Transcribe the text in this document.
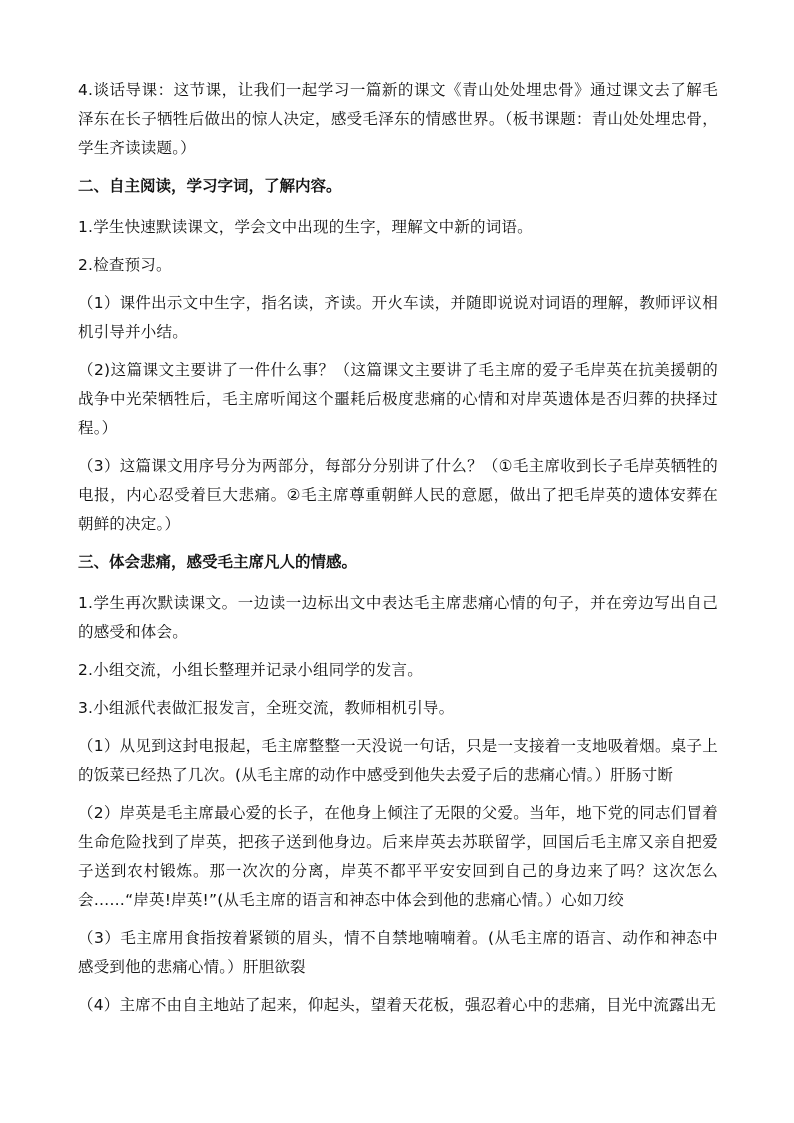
4.谈话导课：这节课，让我们一起学习一篇新的课文《青山处处埋忠骨》通过课文去了解毛泽东在长子牺牲后做出的惊人决定，感受毛泽东的情感世界。（板书课题：青山处处埋忠骨，学生齐读读题。）

二、自主阅读，学习字词，了解内容。

1.学生快速默读课文，学会文中出现的生字，理解文中新的词语。

2.检查预习。

（1）课件出示文中生字，指名读，齐读。开火车读，并随即说说对词语的理解，教师评议相机引导并小结。

（2)这篇课文主要讲了一件什么事？（这篇课文主要讲了毛主席的爱子毛岸英在抗美援朝的战争中光荣牺牲后，毛主席听闻这个噩耗后极度悲痛的心情和对岸英遗体是否归葬的抉择过程。）

（3）这篇课文用序号分为两部分，每部分分别讲了什么？（①毛主席收到长子毛岸英牺牲的电报，内心忍受着巨大悲痛。②毛主席尊重朝鲜人民的意愿，做出了把毛岸英的遗体安葬在朝鲜的决定。）

三、体会悲痛，感受毛主席凡人的情感。

1.学生再次默读课文。一边读一边标出文中表达毛主席悲痛心情的句子，并在旁边写出自己的感受和体会。

2.小组交流，小组长整理并记录小组同学的发言。

3.小组派代表做汇报发言，全班交流，教师相机引导。

（1）从见到这封电报起，毛主席整整一天没说一句话，只是一支接着一支地吸着烟。桌子上的饭菜已经热了几次。(从毛主席的动作中感受到他失去爱子后的悲痛心情。）肝肠寸断

（2）岸英是毛主席最心爱的长子，在他身上倾注了无限的父爱。当年，地下党的同志们冒着生命危险找到了岸英，把孩子送到他身边。后来岸英去苏联留学，回国后毛主席又亲自把爱子送到农村锻炼。那一次次的分离，岸英不都平平安安回到自己的身边来了吗？这次怎么会……“岸英!岸英!”(从毛主席的语言和神态中体会到他的悲痛心情。）心如刀绞

（3）毛主席用食指按着紧锁的眉头，情不自禁地喃喃着。(从毛主席的语言、动作和神态中感受到他的悲痛心情。）肝胆欲裂

（4）主席不由自主地站了起来，仰起头，望着天花板，强忍着心中的悲痛，目光中流露出无
